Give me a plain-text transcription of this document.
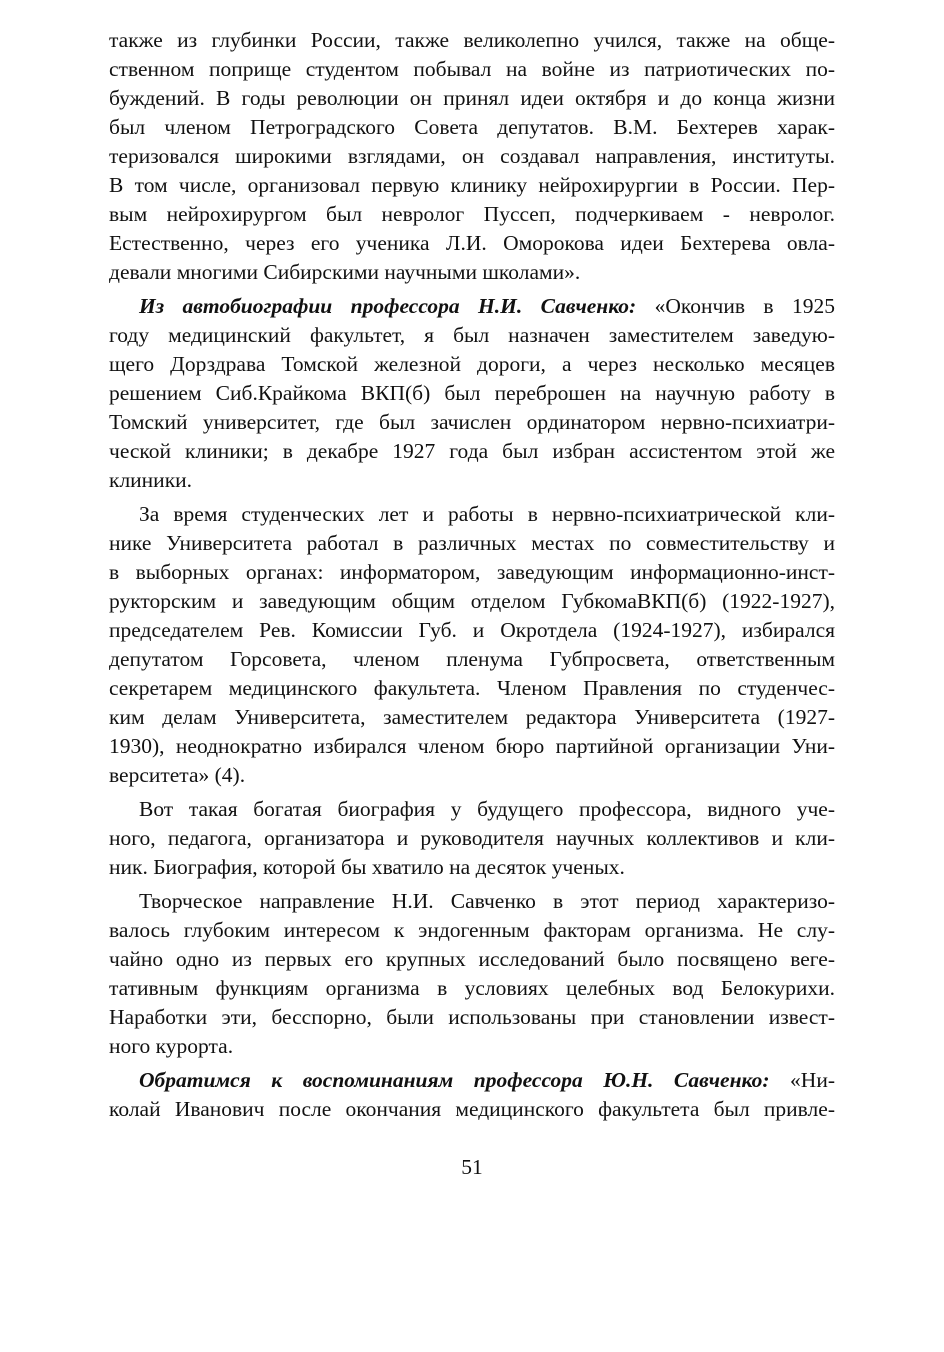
также из глубинки России, также великолепно учился, также на обще-
ственном поприще студентом побывал на войне из патриотических по-
буждений. В годы революции он принял идеи октября и до конца жизни
был членом Петроградского Совета депутатов. В.М. Бехтерев харак-
теризовался широкими взглядами, он создавал направления, институты.
В том числе, организовал первую клинику нейрохирургии в России. Пер-
вым нейрохирургом был невролог Пуссеп, подчеркиваем - невролог.
Естественно, через его ученика Л.И. Оморокова идеи Бехтерева овла-
девали многими Сибирскими научными школами».
Из автобиографии профессора Н.И. Савченко: «Окончив в 1925
году медицинский факультет, я был назначен заместителем заведую-
щего Дорздрава Томской железной дороги, а через несколько месяцев
решением Сиб.Крайкома ВКП(б) был переброшен на научную работу в
Томский университет, где был зачислен ординатором нервно-психиатри-
ческой клиники; в декабре 1927 года был избран ассистентом этой же
клиники.
За время студенческих лет и работы в нервно-психиатрической кли-
нике Университета работал в различных местах по совместительству и
в выборных органах: информатором, заведующим информационно-инст-
рукторским и заведующим общим отделом ГубкомаВКП(б) (1922-1927),
председателем Рев. Комиссии Губ. и Окротдела (1924-1927), избирался
депутатом Горсовета, членом пленума Губпросвета, ответственным
секретарем медицинского факультета. Членом Правления по студенчес-
ким делам Университета, заместителем редактора Университета (1927-
1930), неоднократно избирался членом бюро партийной организации Уни-
верситета» (4).
Вот такая богатая биография у будущего профессора, видного уче-
ного, педагога, организатора и руководителя научных коллективов и кли-
ник. Биография, которой бы хватило на десяток ученых.
Творческое направление Н.И. Савченко в этот период характеризо-
валось глубоким интересом к эндогенным факторам организма. Не слу-
чайно одно из первых его крупных исследований было посвящено веге-
тативным функциям организма в условиях целебных вод Белокурихи.
Наработки эти, бесспорно, были использованы при становлении извест-
ного курорта.
Обратимся к воспоминаниям профессора Ю.Н. Савченко: «Ни-
колай Иванович после окончания медицинского факультета был привле-
51
